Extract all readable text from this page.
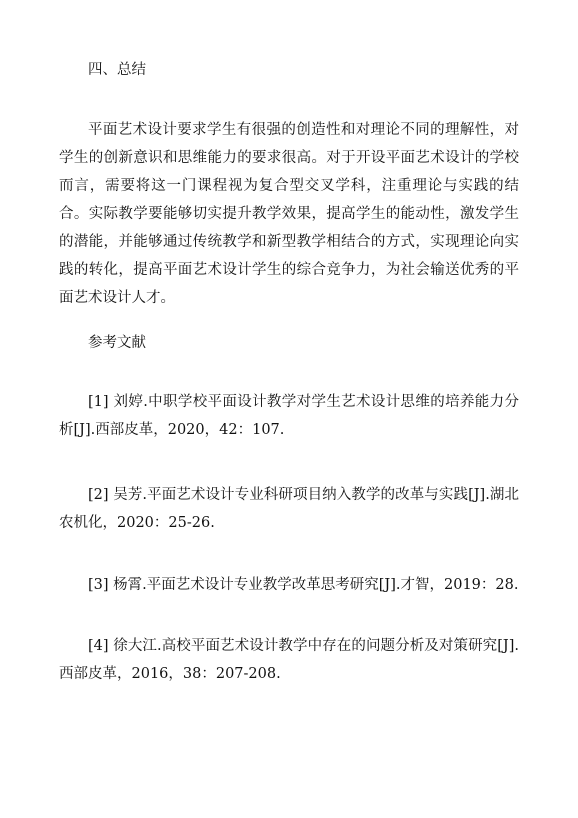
四、总结

平面艺术设计要求学生有很强的创造性和对理论不同的理解性，对学生的创新意识和思维能力的要求很高。对于开设平面艺术设计的学校而言，需要将这一门课程视为复合型交叉学科，注重理论与实践的结合。实际教学要能够切实提升教学效果，提高学生的能动性，激发学生的潜能，并能够通过传统教学和新型教学相结合的方式，实现理论向实践的转化，提高平面艺术设计学生的综合竞争力，为社会输送优秀的平面艺术设计人才。

参考文献

[1] 刘婷.中职学校平面设计教学对学生艺术设计思维的培养能力分析[J].西部皮革，2020，42：107.

[2] 吴芳.平面艺术设计专业科研项目纳入教学的改革与实践[J].湖北农机化，2020：25-26.

[3] 杨霄.平面艺术设计专业教学改革思考研究[J].才智，2019：28.

[4] 徐大江.高校平面艺术设计教学中存在的问题分析及对策研究[J].西部皮革，2016，38：207-208.
